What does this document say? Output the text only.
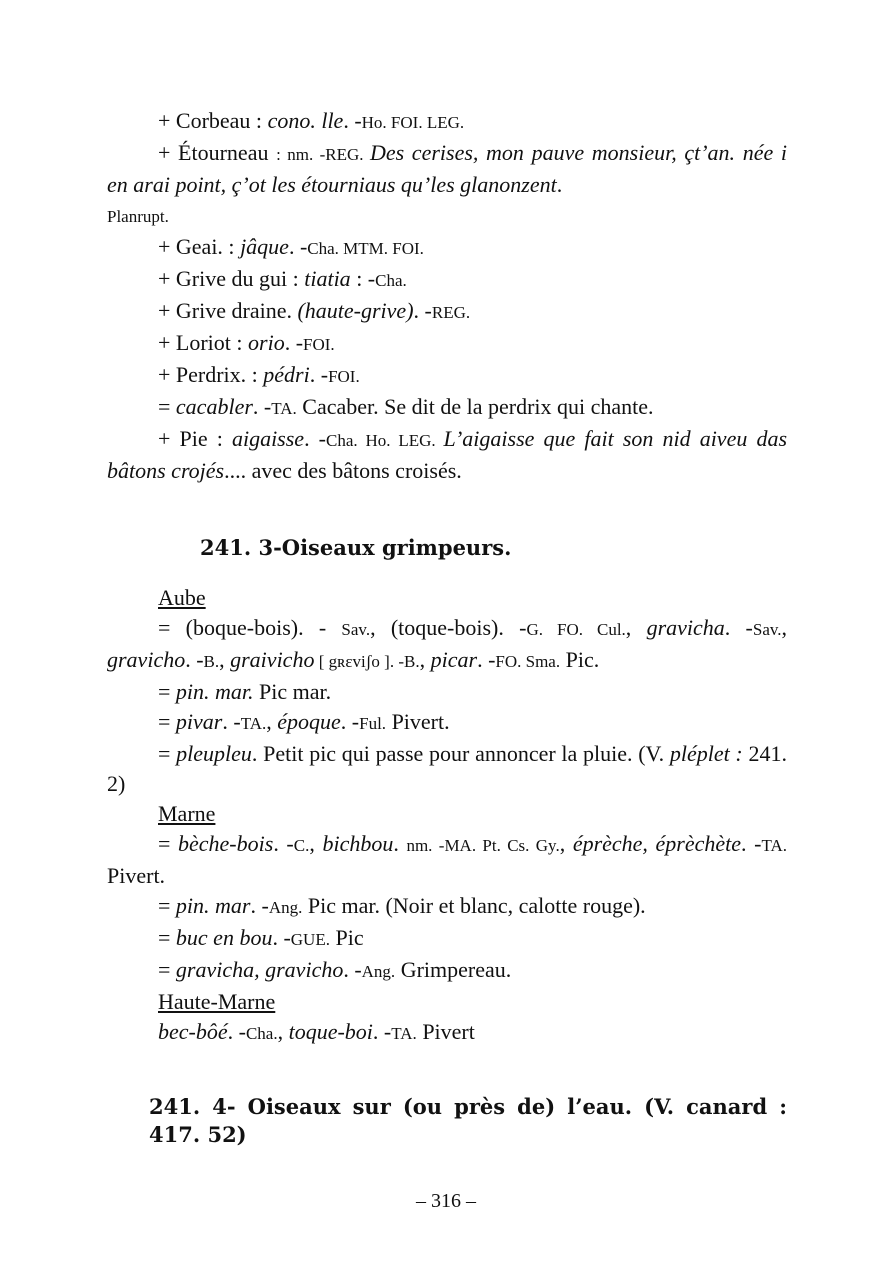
+ Corbeau : cono. lle. -Ho. FOI. LEG.

+ Étourneau : nm. -REG. Des cerises, mon pauve monsieur, çt’an. née i en arai point, ç’ot les étourniaus qu’les glanonzent.
Planrupt.

+ Geai. : jâque. -Cha. MTM. FOI.

+ Grive du gui : tiatia : -Cha.

+ Grive draine. (haute-grive). -REG.

+ Loriot : orio. -FOI.

+ Perdrix. : pédri. -FOI.

= cacabler. -TA. Cacaber. Se dit de la perdrix qui chante.

+ Pie : aigaisse. -Cha. Ho. LEG. L’aigaisse que fait son nid aiveu das bâtons crojés.... avec des bâtons croisés.

241. 3-Oiseaux grimpeurs.

Aube

= (boque-bois). - Sav., (toque-bois). -G. FO. Cul., gravicha. -Sav., gravicho. -B., graivicho [ gʀɛviʃo ]. -B., picar. -FO. Sma. Pic.

= pin. mar. Pic mar.

= pivar. -TA., époque. -Ful. Pivert.

= pleupleu. Petit pic qui passe pour annoncer la pluie. (V. pléplet : 241. 2)

Marne

= bèche-bois. -C., bichbou. nm. -MA. Pt. Cs. Gy., éprèche, éprèchète. -TA. Pivert.

= pin. mar. -Ang. Pic mar. (Noir et blanc, calotte rouge).

= buc en bou. -GUE. Pic

= gravicha, gravicho. -Ang. Grimpereau.

Haute-Marne

bec-bôé. -Cha., toque-boi. -TA. Pivert

241. 4- Oiseaux sur (ou près de) l’eau. (V. canard : 417. 52)

– 316 –
